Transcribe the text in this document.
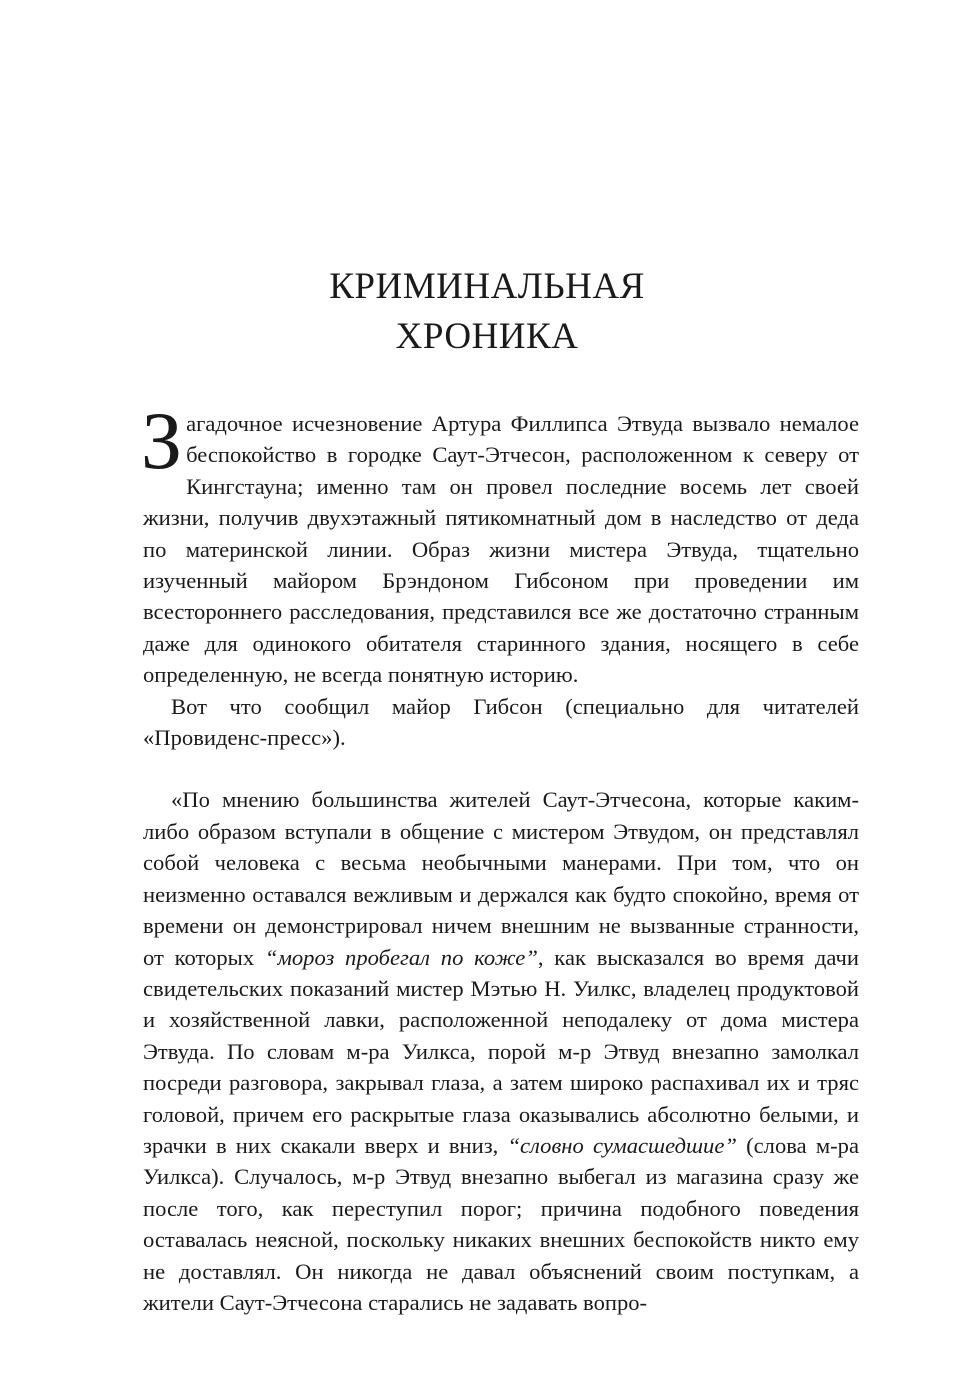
КРИМИНАЛЬНАЯ
ХРОНИКА

Загадочное исчезновение Артура Филлипса Этвуда вызвало немалое беспокойство в городке Саут-Этчесон, расположенном к северу от Кингстауна; именно там он провел последние восемь лет своей жизни, получив двухэтажный пятикомнатный дом в наследство от деда по материнской линии. Образ жизни мистера Этвуда, тщательно изученный майором Брэндоном Гибсоном при проведении им всестороннего расследования, представился все же достаточно странным даже для одинокого обитателя старинного здания, носящего в себе определенную, не всегда понятную историю.

Вот что сообщил майор Гибсон (специально для читателей «Провиденс-пресс»).

«По мнению большинства жителей Саут-Этчесона, которые каким-либо образом вступали в общение с мистером Этвудом, он представлял собой человека с весьма необычными манерами. При том, что он неизменно оставался вежливым и держался как будто спокойно, время от времени он демонстрировал ничем внешним не вызванные странности, от которых “мороз пробегал по коже”, как высказался во время дачи свидетельских показаний мистер Мэтью Н. Уилкс, владелец продуктовой и хозяйственной лавки, расположенной неподалеку от дома мистера Этвуда. По словам м-ра Уилкса, порой м-р Этвуд внезапно замолкал посреди разговора, закрывал глаза, а затем широко распахивал их и тряс головой, причем его раскрытые глаза оказывались абсолютно белыми, и зрачки в них скакали вверх и вниз, “словно сумасшедшие” (слова м-ра Уилкса). Случалось, м-р Этвуд внезапно выбегал из магазина сразу же после того, как переступил порог; причина подобного поведения оставалась неясной, поскольку никаких внешних беспокойств никто ему не доставлял. Он никогда не давал объяснений своим поступкам, а жители Саут-Этчесона старались не задавать вопро-
